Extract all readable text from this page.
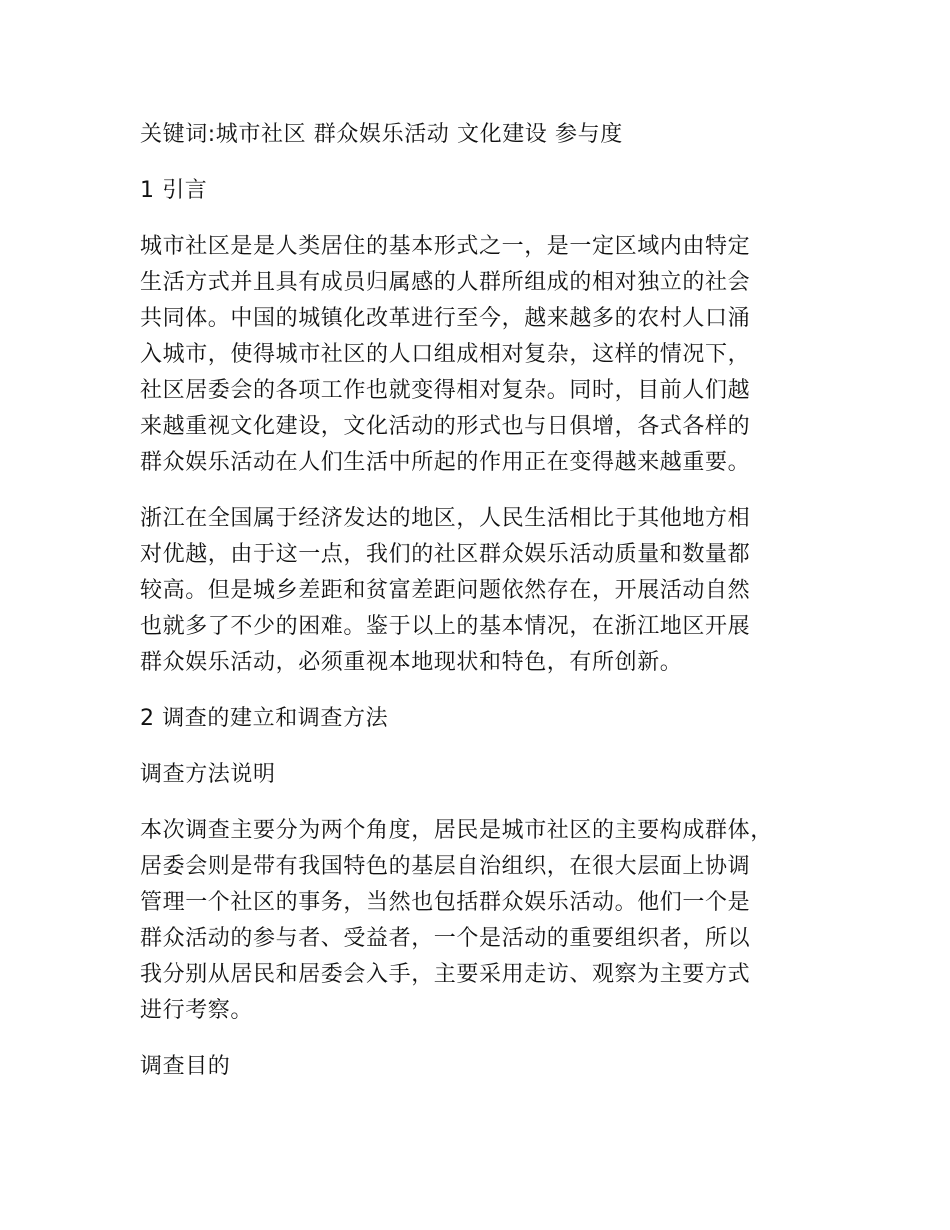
关键词:城市社区 群众娱乐活动 文化建设 参与度
1 引言
城市社区是是人类居住的基本形式之一，是一定区域内由特定
生活方式并且具有成员归属感的人群所组成的相对独立的社会
共同体。中国的城镇化改革进行至今，越来越多的农村人口涌
入城市，使得城市社区的人口组成相对复杂，这样的情况下，
社区居委会的各项工作也就变得相对复杂。同时，目前人们越
来越重视文化建设，文化活动的形式也与日俱增，各式各样的
群众娱乐活动在人们生活中所起的作用正在变得越来越重要。
浙江在全国属于经济发达的地区，人民生活相比于其他地方相
对优越，由于这一点，我们的社区群众娱乐活动质量和数量都
较高。但是城乡差距和贫富差距问题依然存在，开展活动自然
也就多了不少的困难。鉴于以上的基本情况，在浙江地区开展
群众娱乐活动，必须重视本地现状和特色，有所创新。
2 调查的建立和调查方法
调查方法说明
本次调查主要分为两个角度，居民是城市社区的主要构成群体，
居委会则是带有我国特色的基层自治组织，在很大层面上协调
管理一个社区的事务，当然也包括群众娱乐活动。他们一个是
群众活动的参与者、受益者，一个是活动的重要组织者，所以
我分别从居民和居委会入手，主要采用走访、观察为主要方式
进行考察。
调查目的
